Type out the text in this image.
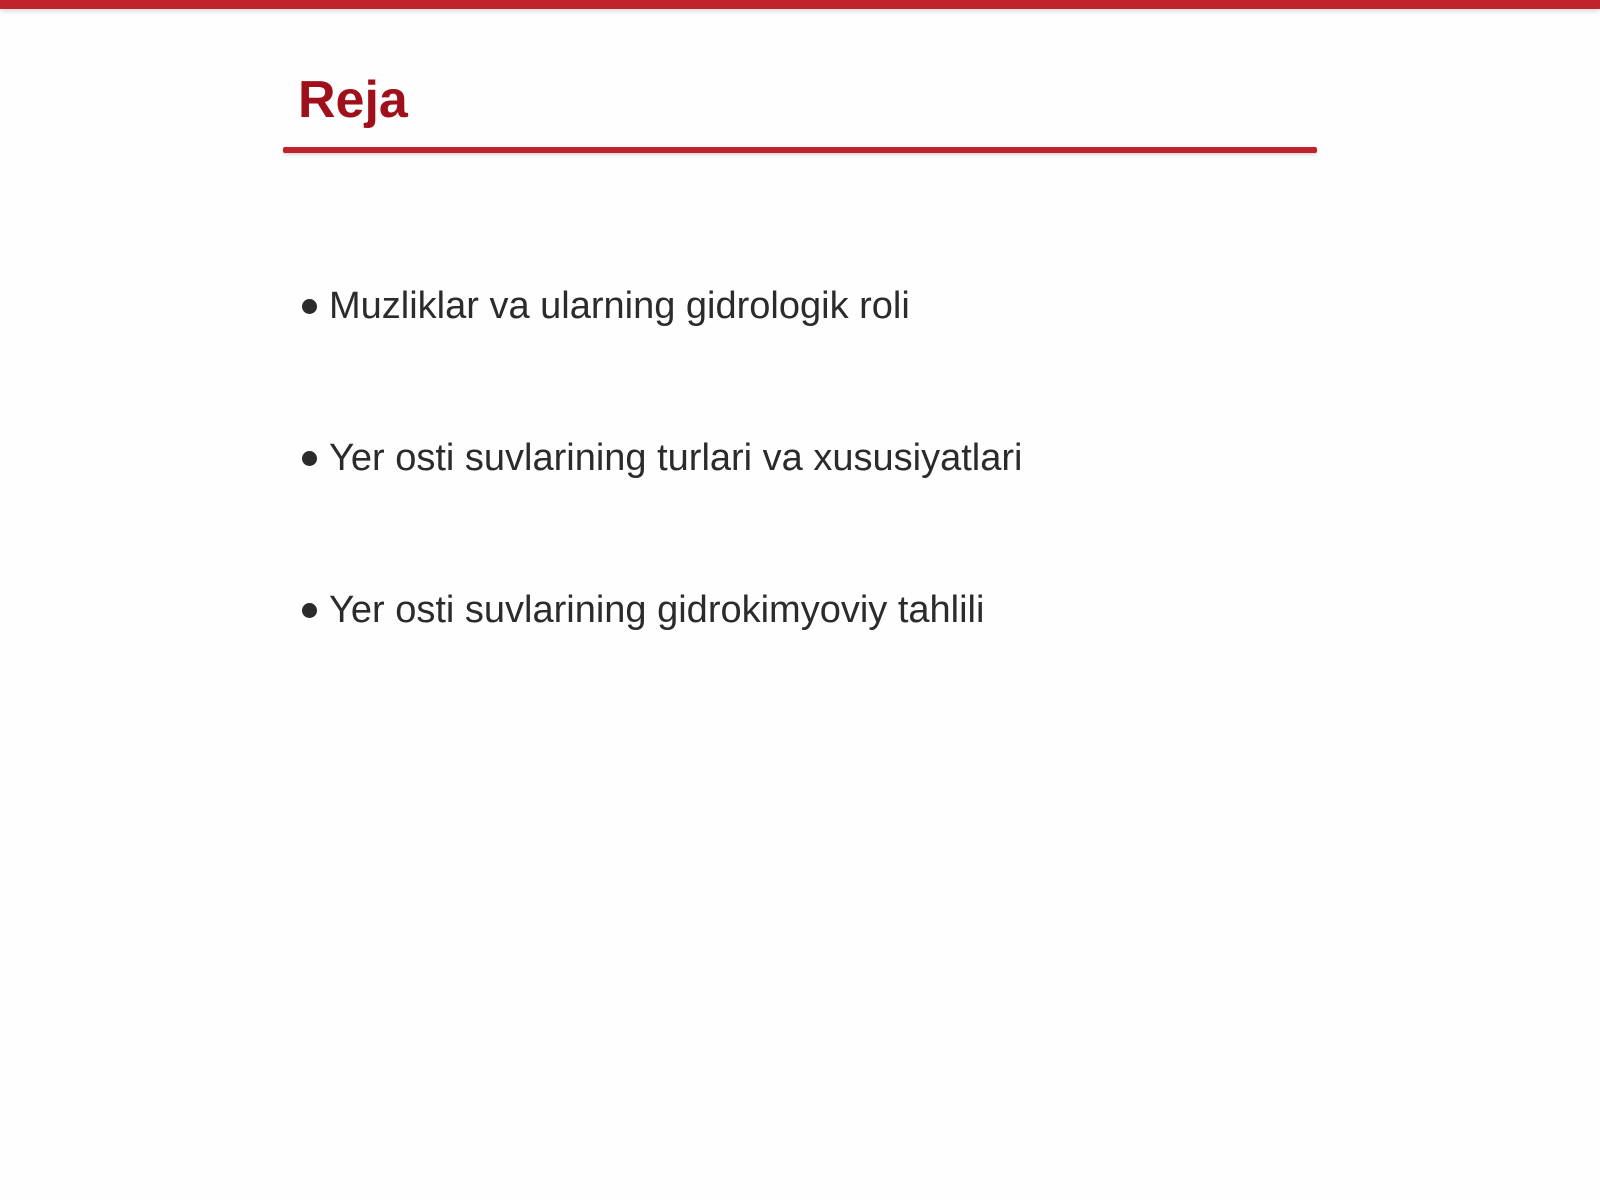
Reja
Muzliklar va ularning gidrologik roli
Yer osti suvlarining turlari va xususiyatlari
Yer osti suvlarining gidrokimyoviy tahlili
